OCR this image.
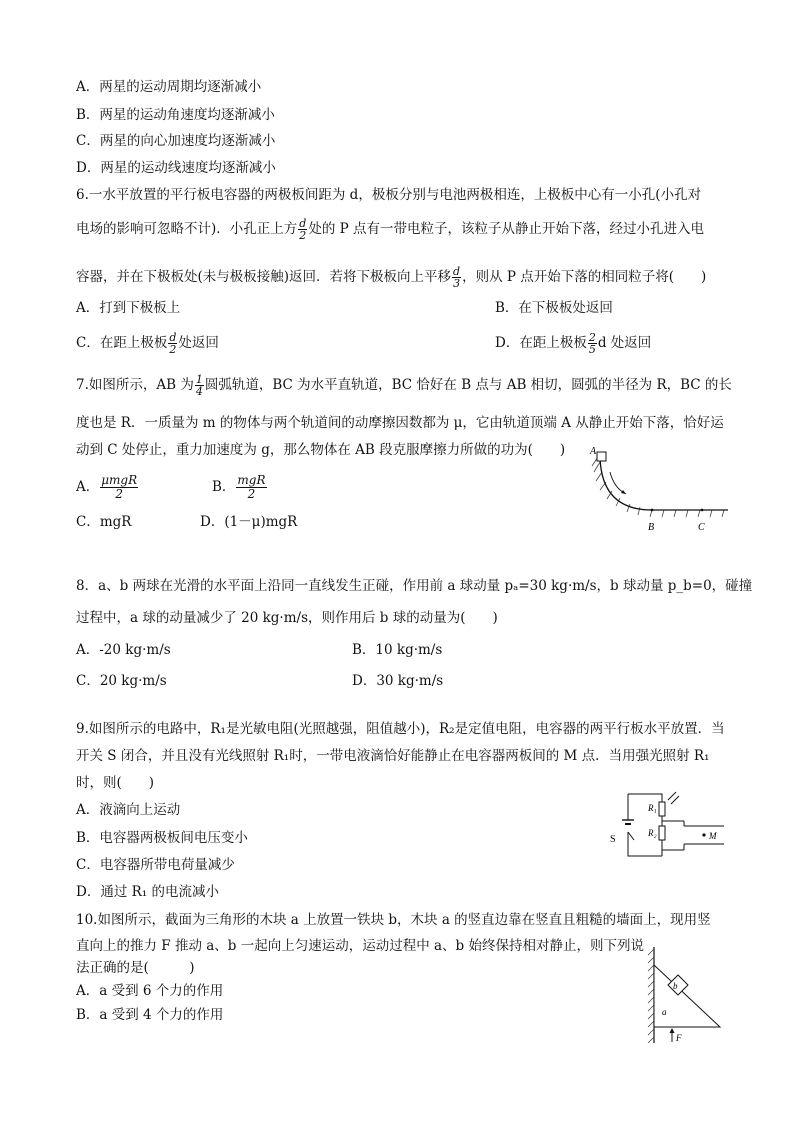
A．两星的运动周期均逐渐减小
B．两星的运动角速度均逐渐减小
C．两星的向心加速度均逐渐减小
D．两星的运动线速度均逐渐减小
6.一水平放置的平行板电容器的两极板间距为 d，极板分别与电池两极相连，上极板中心有一小孔(小孔对
电场的影响可忽略不计)．小孔正上方 $\frac{d}{2}$ 处的 P 点有一带电粒子，该粒子从静止开始下落，经过小孔进入电
容器，并在下极板处(未与极板接触)返回．若将下极板向上平移 $\frac{d}{3}$ ，则从 P 点开始下落的相同粒子将(　　)
A．打到下极板上	B．在下极板处返回
C．在距上极板 $\frac{d}{2}$ 处返回	D．在距上极板 $\frac{2}{5}$ d 处返回
7.如图所示，AB 为 $\frac{1}{4}$ 圆弧轨道，BC 为水平直轨道，BC 恰好在 B 点与 AB 相切，圆弧的半径为 R，BC 的长
度也是 R．一质量为 m 的物体与两个轨道间的动摩擦因数都为 μ，它由轨道顶端 A 从静止开始下落，恰好运
动到 C 处停止，重力加速度为 g，那么物体在 AB 段克服摩擦力所做的功为(　　)
A． $\frac{\text{μmgR}}{2}$	B． $\frac{\text{mgR}}{2}$
C．mgR	D．(1－μ)mgR
A
B	C
8．a、b 两球在光滑的水平面上沿同一直线发生正碰，作用前 a 球动量 pₐ=30 kg·m/s，b 球动量 p_b=0，碰撞
过程中，a 球的动量减少了 20 kg·m/s，则作用后 b 球的动量为(　　)
A．-20 kg·m/s	B．10 kg·m/s
C．20 kg·m/s	D．30 kg·m/s
9.如图所示的电路中，R₁是光敏电阻(光照越强，阻值越小)，R₂是定值电阻，电容器的两平行板水平放置．当
开关 S 闭合，并且没有光线照射 R₁时，一带电液滴恰好能静止在电容器两板间的 M 点．当用强光照射 R₁
时，则(　　)
A．液滴向上运动
B．电容器两极板间电压变小
C．电容器所带电荷量减少
D．通过 R₁ 的电流减小
R₁
R₂
S	M
10.如图所示，截面为三角形的木块 a 上放置一铁块 b，木块 a 的竖直边靠在竖直且粗糙的墙面上，现用竖
直向上的推力 F 推动 a、b 一起向上匀速运动，运动过程中 a、b 始终保持相对静止，则下列说
法正确的是(　　　)
A．a 受到 6 个力的作用
B．a 受到 4 个力的作用
b
a
F
